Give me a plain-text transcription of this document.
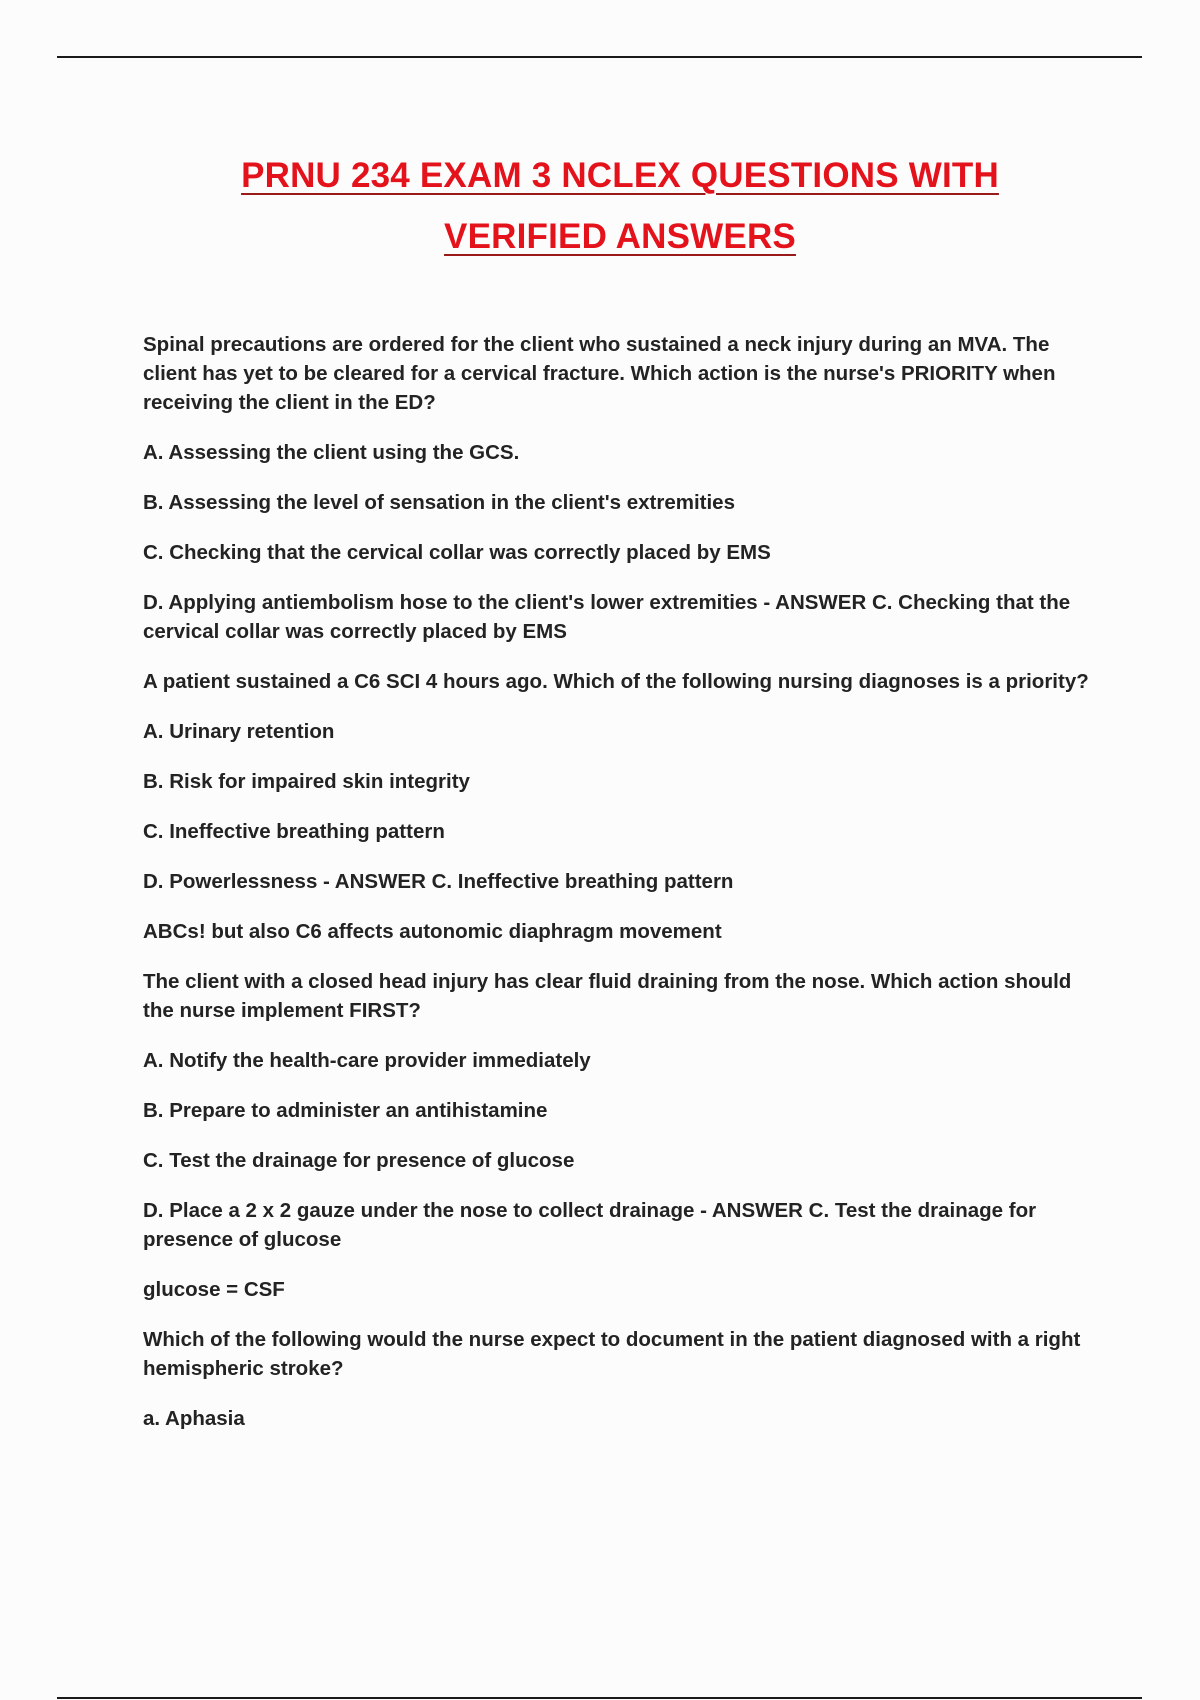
PRNU 234 EXAM 3 NCLEX QUESTIONS WITH
VERIFIED ANSWERS

Spinal precautions are ordered for the client who sustained a neck injury during an MVA. The client has yet to be cleared for a cervical fracture. Which action is the nurse's PRIORITY when receiving the client in the ED?

A. Assessing the client using the GCS.

B. Assessing the level of sensation in the client's extremities

C. Checking that the cervical collar was correctly placed by EMS

D. Applying antiembolism hose to the client's lower extremities - ANSWER C. Checking that the cervical collar was correctly placed by EMS

A patient sustained a C6 SCI 4 hours ago. Which of the following nursing diagnoses is a priority?

A. Urinary retention

B. Risk for impaired skin integrity

C. Ineffective breathing pattern

D. Powerlessness - ANSWER C. Ineffective breathing pattern

ABCs! but also C6 affects autonomic diaphragm movement

The client with a closed head injury has clear fluid draining from the nose. Which action should the nurse implement FIRST?

A. Notify the health-care provider immediately

B. Prepare to administer an antihistamine

C. Test the drainage for presence of glucose

D. Place a 2 x 2 gauze under the nose to collect drainage - ANSWER C. Test the drainage for presence of glucose

glucose = CSF

Which of the following would the nurse expect to document in the patient diagnosed with a right hemispheric stroke?

a. Aphasia
